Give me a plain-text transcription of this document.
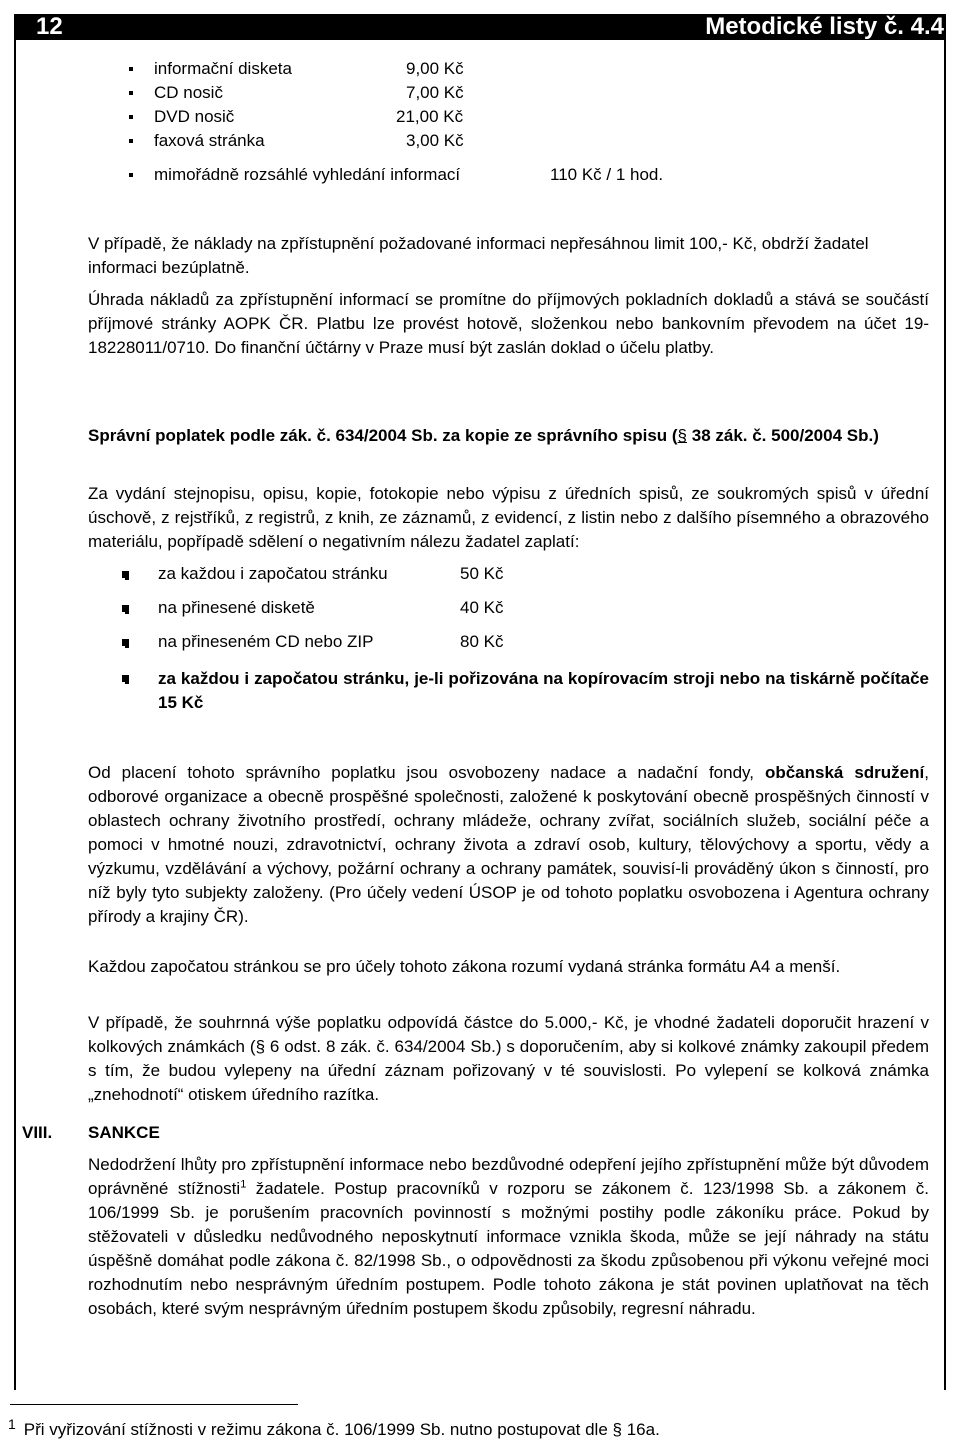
12	Metodické listy č. 4.4
informační disketa	9,00 Kč
CD nosič	7,00 Kč
DVD nosič	21,00 Kč
faxová stránka	3,00 Kč
mimořádně rozsáhlé vyhledání informací	110 Kč / 1 hod.
V případě, že náklady na zpřístupnění požadované informaci nepřesáhnou limit 100,- Kč, obdrží žadatel informaci bezúplatně.
Úhrada nákladů za zpřístupnění informací se promítne do příjmových pokladních dokladů a stává se součástí příjmové stránky AOPK ČR. Platbu lze provést hotově, složenkou nebo bankovním převodem na účet 19-18228011/0710. Do finanční účtárny v Praze musí být zaslán doklad o účelu platby.
Správní poplatek podle zák. č. 634/2004 Sb. za kopie ze správního spisu (§ 38 zák. č. 500/2004 Sb.)
Za vydání stejnopisu, opisu, kopie, fotokopie nebo výpisu z úředních spisů, ze soukromých spisů v úřední úschově, z rejstříků, z registrů, z knih, ze záznamů, z evidencí, z listin nebo z dalšího písemného a obrazového materiálu, popřípadě sdělení o negativním nálezu žadatel zaplatí:
za každou i započatou stránku	50 Kč
na přinesené disketě	40 Kč
na přineseném CD nebo ZIP	80 Kč
za každou i započatou stránku, je-li pořizována na kopírovacím stroji nebo na tiskárně počítače 15 Kč
Od placení tohoto správního poplatku jsou osvobozeny nadace a nadační fondy, občanská sdružení, odborové organizace a obecně prospěšné společnosti, založené k poskytování obecně prospěšných činností v oblastech ochrany životního prostředí, ochrany mládeže, ochrany zvířat, sociálních služeb, sociální péče a pomoci v hmotné nouzi, zdravotnictví, ochrany života a zdraví osob, kultury, tělovýchovy a sportu, vědy a výzkumu, vzdělávání a výchovy, požární ochrany a ochrany památek, souvisí-li prováděný úkon s činností, pro níž byly tyto subjekty založeny. (Pro účely vedení ÚSOP je od tohoto poplatku osvobozena i Agentura ochrany přírody a krajiny ČR).
Každou započatou stránkou se pro účely tohoto zákona rozumí vydaná stránka formátu A4 a menší.
V případě, že souhrnná výše poplatku odpovídá částce do 5.000,- Kč, je vhodné žadateli doporučit hrazení v kolkových známkách (§ 6 odst. 8 zák. č. 634/2004 Sb.) s doporučením, aby si kolkové známky zakoupil předem s tím, že budou vylepeny na úřední záznam pořizovaný v té souvislosti. Po vylepení se kolková známka „znehodnotí“ otiskem úředního razítka.
VIII. SANKCE
Nedodržení lhůty pro zpřístupnění informace nebo bezdůvodné odepření jejího zpřístupnění může být důvodem oprávněné stížnosti$^1$ žadatele. Postup pracovníků v rozporu se zákonem č. 123/1998 Sb. a zákonem č. 106/1999 Sb. je porušením pracovních povinností s možnými postihy podle zákoníku práce. Pokud by stěžovateli v důsledku nedůvodného neposkytnutí informace vznikla škoda, může se její náhrady na státu úspěšně domáhat podle zákona č. 82/1998 Sb., o odpovědnosti za škodu způsobenou při výkonu veřejné moci rozhodnutím nebo nesprávným úředním postupem. Podle tohoto zákona je stát povinen uplatňovat na těch osobách, které svým nesprávným úředním postupem škodu způsobily, regresní náhradu.
$^1$ Při vyřizování stížnosti v režimu zákona č. 106/1999 Sb. nutno postupovat dle § 16a.
